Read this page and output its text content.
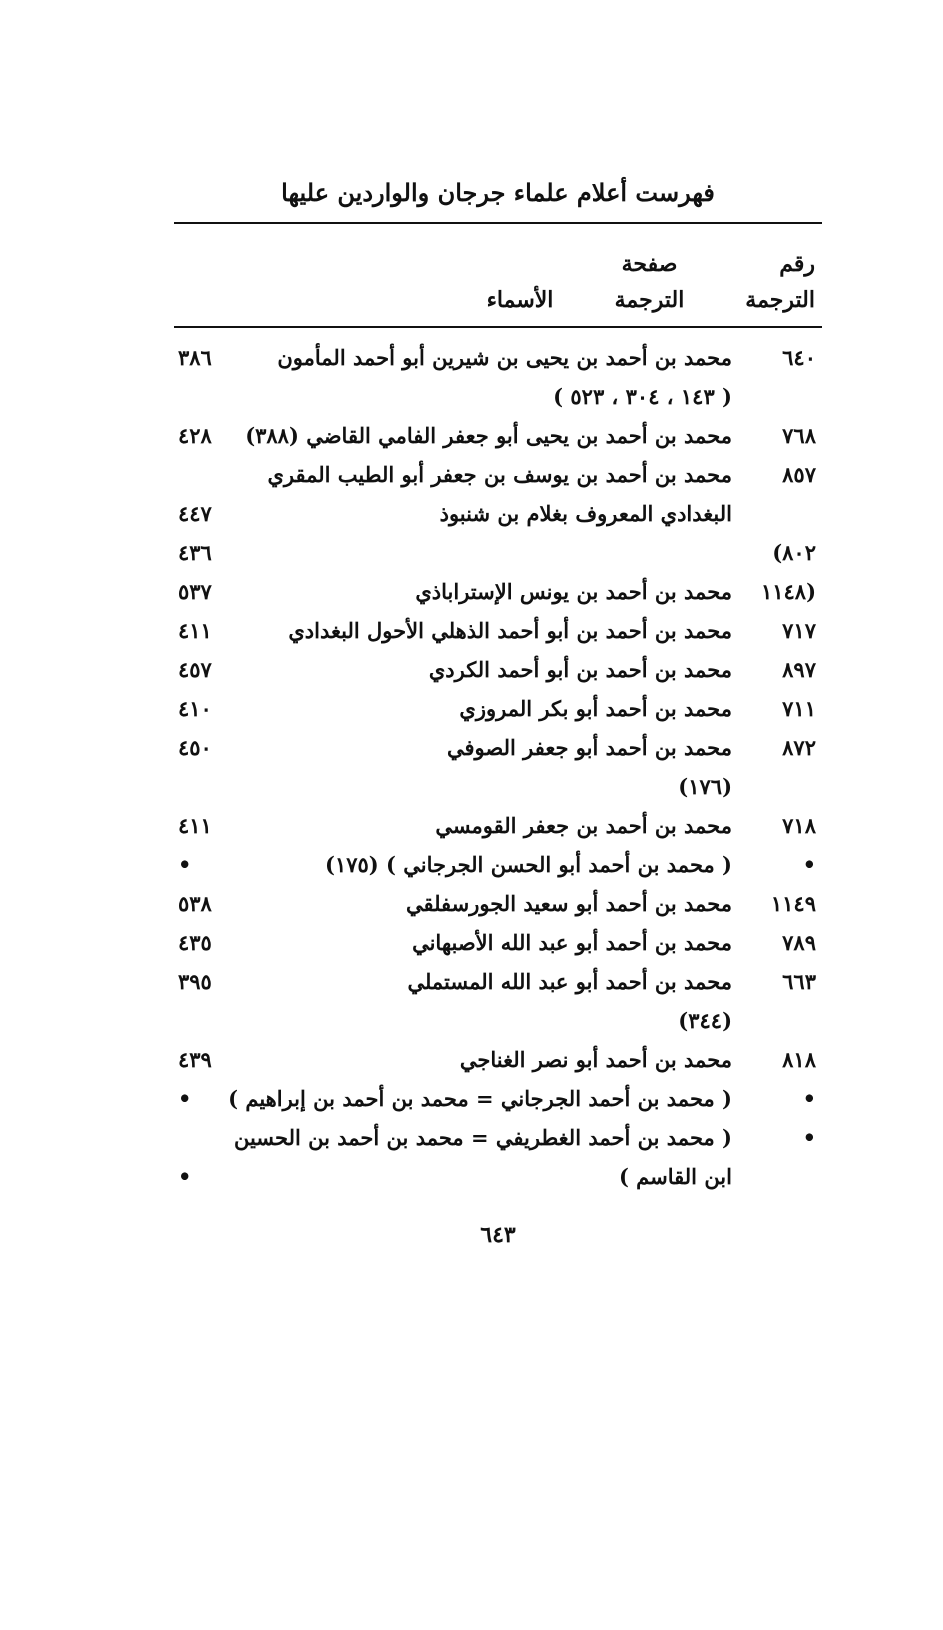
فهرست أعلام علماء جرجان والواردين عليها
رقم
الترجمة
الأسماء
صفحة
الترجمة
٦٤٠
محمد بن أحمد بن يحيى بن شيرين أبو أحمد المأمون
٣٨٦
( ١٤٣ ، ٣٠٤ ، ٥٢٣ )
٧٦٨
محمد بن أحمد بن يحيى أبو جعفر الفامي القاضي (٣٨٨)
٤٢٨
٨٥٧
محمد بن أحمد بن يوسف بن جعفر أبو الطيب المقري
البغدادي المعروف بغلام بن شنبوذ
٤٤٧
٨٠٢)
٤٣٦
(١١٤٨
محمد بن أحمد بن يونس الإستراباذي
٥٣٧
٧١٧
محمد بن أحمد بن أبو أحمد الذهلي الأحول البغدادي
٤١١
٨٩٧
محمد بن أحمد بن أبو أحمد الكردي
٤٥٧
٧١١
محمد بن أحمد أبو بكر المروزي
٤١٠
٨٧٢
محمد بن أحمد أبو جعفر الصوفي
٤٥٠
(١٧٦)
٧١٨
محمد بن أحمد بن جعفر القومسي
٤١١
•
( محمد بن أحمد أبو الحسن الجرجاني ) (١٧٥)
•
١١٤٩
محمد بن أحمد أبو سعيد الجورسفلقي
٥٣٨
٧٨٩
محمد بن أحمد أبو عبد الله الأصبهاني
٤٣٥
٦٦٣
محمد بن أحمد أبو عبد الله المستملي
٣٩٥
(٣٤٤)
٨١٨
محمد بن أحمد أبو نصر الغناجي
٤٣٩
•
( محمد بن أحمد الجرجاني = محمد بن أحمد بن إبراهيم )
•
•
( محمد بن أحمد الغطريفي = محمد بن أحمد بن الحسين
ابن القاسم )
•
٦٤٣
